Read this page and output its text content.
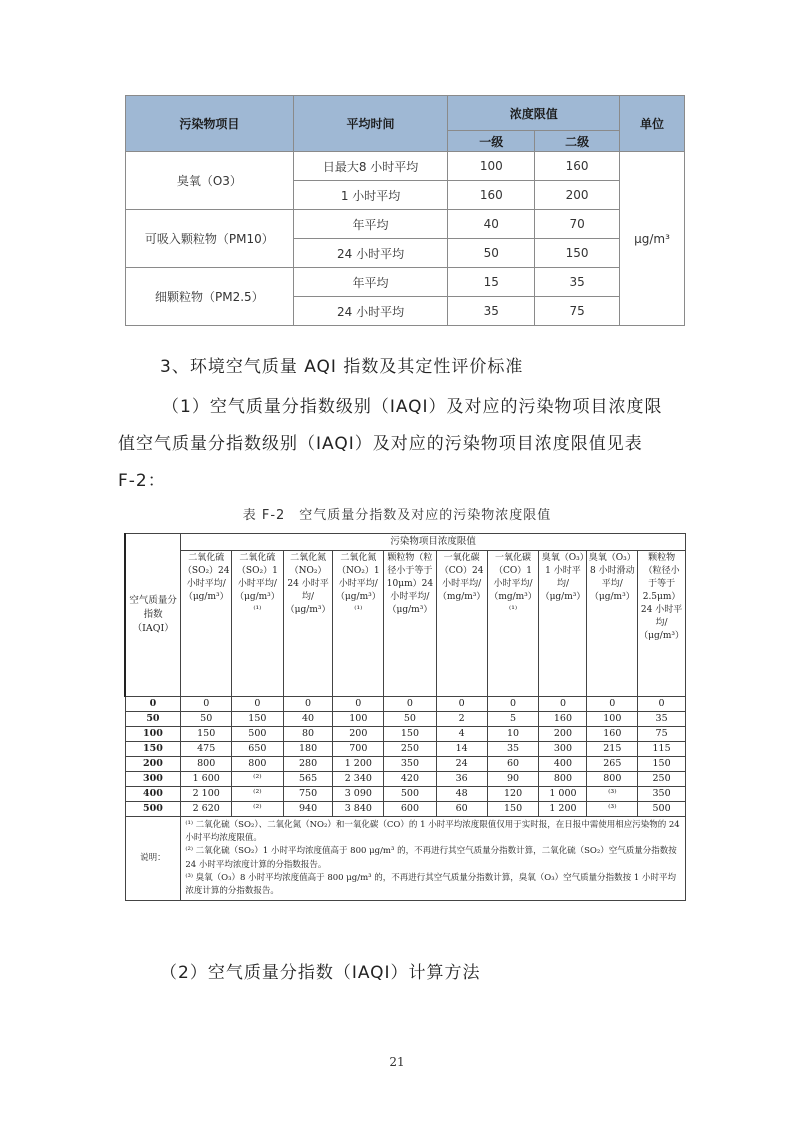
污染物项目	平均时间	浓度限值		单位
		一级	二级	
臭氧（O3）	日最大8 小时平均	100	160	μg/m³
	1 小时平均	160	200	
可吸入颗粒物（PM10）	年平均	40	70	
	24 小时平均	50	150	
细颗粒物（PM2.5）	年平均	15	35	
	24 小时平均	35	75	
3、环境空气质量 AQI 指数及其定性评价标准
（1）空气质量分指数级别（IAQI）及对应的污染物项目浓度限
值空气质量分指数级别（IAQI）及对应的污染物项目浓度限值见表
F-2：
表 F-2　空气质量分指数及对应的污染物浓度限值
空气质量分指数（IAQI）	污染物项目浓度限值									
	二氧化硫（SO₂）24 小时平均/（μg/m³）	二氧化硫（SO₂）1 小时平均/（μg/m³）⁽¹⁾	二氧化氮（NO₂）24 小时平均/（μg/m³）	二氧化氮（NO₂）1 小时平均/（μg/m³）⁽¹⁾	颗粒物（粒径小于等于10μm）24 小时平均/（μg/m³）	一氧化碳（CO）24 小时平均/（mg/m³）	一氧化碳（CO）1 小时平均/（mg/m³）⁽¹⁾	臭氧（O₃）1 小时平均/（μg/m³）	臭氧（O₃）8 小时滑动平均/（μg/m³）	颗粒物（粒径小于等于2.5μm）24 小时平均/（μg/m³）
0	0	0	0	0	0	0	0	0	0	0
50	50	150	40	100	50	2	5	160	100	35
100	150	500	80	200	150	4	10	200	160	75
150	475	650	180	700	250	14	35	300	215	115
200	800	800	280	1 200	350	24	60	400	265	150
300	1 600	⁽²⁾	565	2 340	420	36	90	800	800	250
400	2 100	⁽²⁾	750	3 090	500	48	120	1 000	⁽³⁾	350
500	2 620	⁽²⁾	940	3 840	600	60	150	1 200	⁽³⁾	500
说明：	⁽¹⁾ 二氧化硫（SO₂）、二氧化氮（NO₂）和一氧化碳（CO）的 1 小时平均浓度限值仅用于实时报，在日报中需使用相应污染物的 24 小时平均浓度限值。
⁽²⁾ 二氧化硫（SO₂）1 小时平均浓度值高于 800 μg/m³ 的，不再进行其空气质量分指数计算，二氧化硫（SO₂）空气质量分指数按 24 小时平均浓度计算的分指数报告。
⁽³⁾ 臭氧（O₃）8 小时平均浓度值高于 800 μg/m³ 的，不再进行其空气质量分指数计算，臭氧（O₃）空气质量分指数按 1 小时平均浓度计算的分指数报告。									
（2）空气质量分指数（IAQI）计算方法
21
